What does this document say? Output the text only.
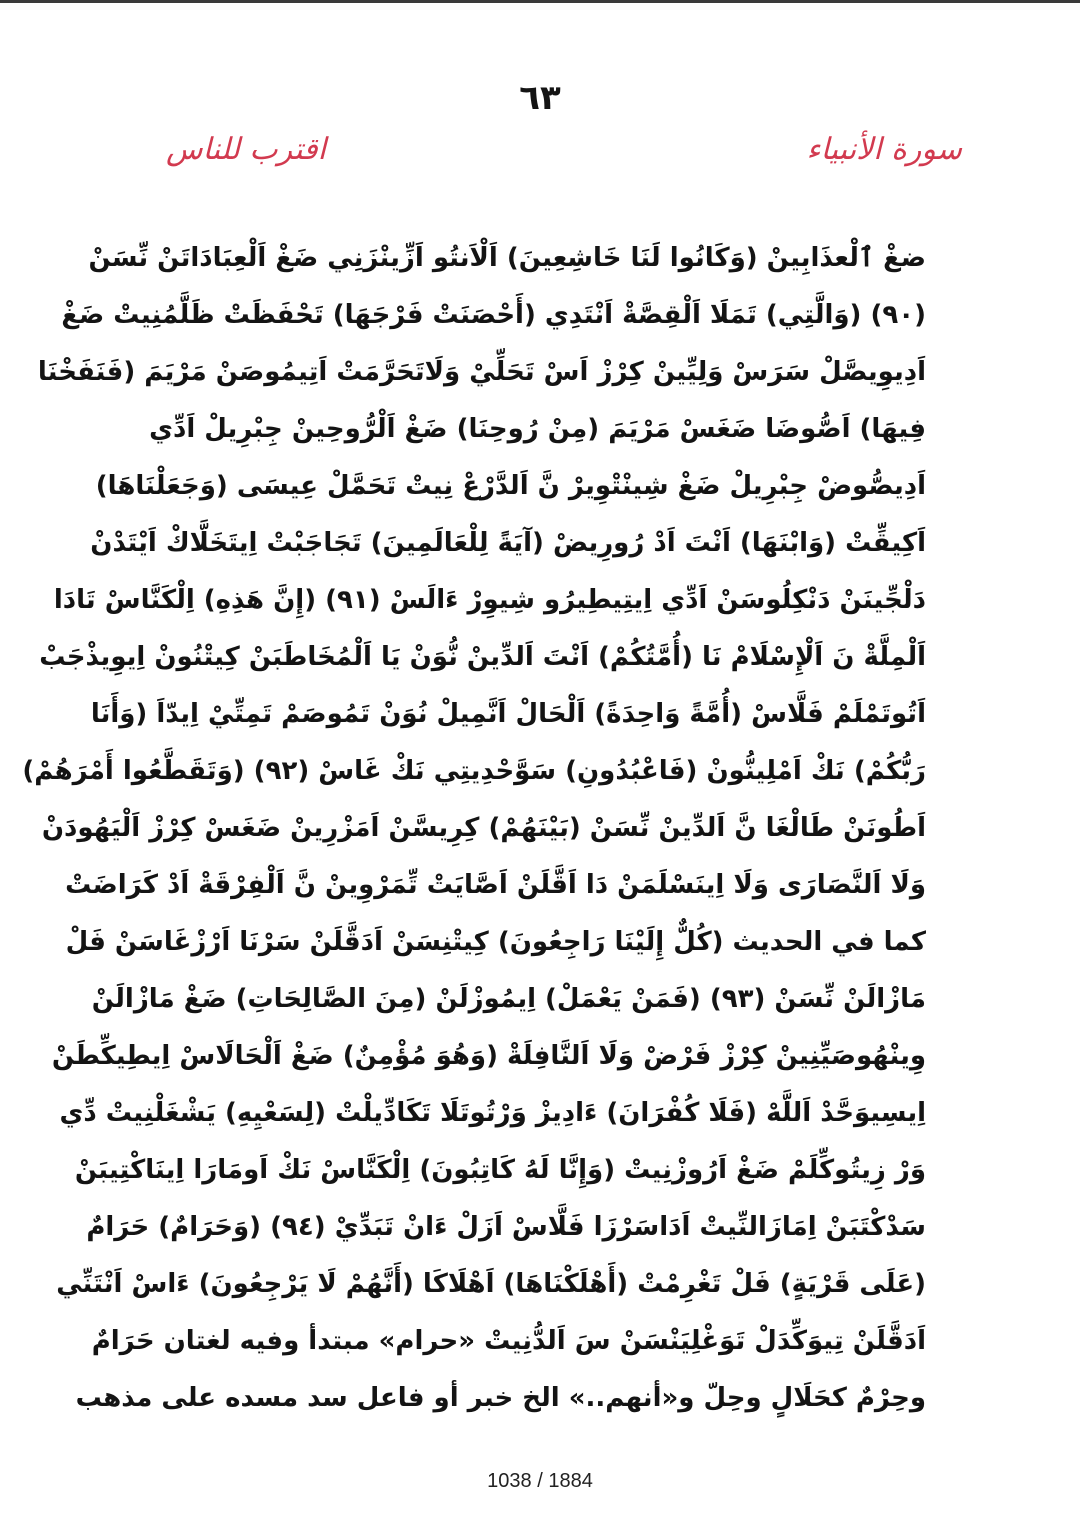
٦٣
سورة الأنبياء
اقترب للناس
ضغْ ٱلْعذَابِينْ (وَكَانُوا لَنَا خَاشِعِينَ) اَلْاَنتُو اَزِّينْزَنِي ضَغْ اَلْعِبَادَاتَنْ نِّسَنْ
(٩٠) (وَالَّتِي) تَمَلَا اَلْقِصَّةْ اَنْتَدِي (أَحْصَنَتْ فَرْجَهَا) تَحْفَظَتْ ظَلَّمُنِيتْ ضَغْ
اَدِيوِيصَّلْ سَرَسْ وَلِيِّينْ كِرْزْ اَسْ تَحَلِّيْ وَلَاتَحَرَّمَتْ اَتِيمُوصَنْ مَرْيَمَ (فَنَفَخْنَا
فِيهَا) اَصُّوضَا ضَغَسْ مَرْيَمَ (مِنْ رُوحِنَا) ضَغْ اَلْرُّوحِينْ جِبْرِيلْ اَدِّي
اَدِيصُّوضْ جِبْرِيلْ ضَغْ شِينْتْوِيرْ نَّ اَلدَّرْعْ نِيتْ تَحَمَّلْ عِيسَى (وَجَعَلْنَاهَا)
اَكِيقِّتْ (وَابْنَهَا) اَنْتَ اَدْ رُورِيضْ (آيَةً لِلْعَالَمِينَ) تَجَاجَبْتْ اِيتَخَلَّاكْ اَيْتَدْنْ
دَلْجِّينَنْ دَنْكِلُوسَنْ اَدِّي اِيتِيطِيرُو شِيوِرْ ءَالَسْ (٩١) (إِنَّ هَذِهِ) اِلْكَنَّاسْ تَادَا
اَلْمِلَّةْ نَ اَلْإِسْلَامْ نَا (أُمَّتُكُمْ) اَنْتَ اَلدِّينْ نُّوَنْ يَا اَلْمُخَاطَبَنْ كِيتْنُونْ اِيوِيذْجَبْ
اَتُوتَمْلَمْ فَلَّاسْ (أُمَّةً وَاحِدَةً) اَلْحَالْ اَنَّمِيلْ نُوَنْ تَمُوصَمْ تَمِتِّيْ اِيدّاَ (وَأَنَا
رَبُّكُمْ) نَكْ اَمْلِينُّونْ (فَاعْبُدُونِ) سَوَّحْدِيتِي نَكْ غَاسْ (٩٢) (وَتَقَطَّعُوا أَمْرَهُمْ)
اَطُونَنْ طَالْغَا نَّ اَلدِّينْ نِّسَنْ (بَيْنَهُمْ) كِرِيسَّنْ اَمَزْرِينْ ضَغَسْ كِرْزْ اَلْيَهُودَنْ
وَلَا اَلنَّصَارَى وَلَا اِينَسْلَمَنْ دَا اَقَّلَنْ اَصَّايَتْ تِّمَرْوِينْ نَّ اَلْفِرْقَةْ اَدْ كَرَاضَتْ
كما في الحديث (كُلٌّ إِلَيْنَا رَاجِعُونَ) كِيتْنِسَنْ اَدَقَّلَنْ سَرْنَا اَرْزْغَاسَنْ فَلْ
مَازْالَنْ نِّسَنْ (٩٣) (فَمَنْ يَعْمَلْ) اِيمُوزْلَنْ (مِنَ الصَّالِحَاتِ) ضَغْ مَازْالَنْ
وِينْهُوصَيِّنِينْ كِرْزْ فَرْضْ وَلَا اَلنَّافِلَةْ (وَهُوَ مُؤْمِنٌ) ضَغْ اَلْحَالَاسْ اِيطِيكِّطَنْ
اِيسِيوَحَّدْ اَللَّهْ (فَلَا كُفْرَانَ) ءَادِيزْ وَرْتُوتَلَا تَكَادِّيلْتْ (لِسَعْيِهِ) يَشْغَلْنِيتْ دِّي
وَرْ زِيتُوكِّلَمْ ضَغْ اَرُوزْنِيتْ (وَإِنَّا لَهُ كَاتِبُونَ) اِلْكَنَّاسْ نَكْ اَومَارَا اِينَاكْتِيبَنْ
سَدْكْتَبَنْ اِمَازَالنِّيتْ اَدَاسَرْزَا فَلَّاسْ اَزَلْ ءَانْ تَبَدِّيْ (٩٤) (وَحَرَامٌ) حَرَامٌ
(عَلَى قَرْيَةٍ) فَلْ تَغْرِمْتْ (أَهْلَكْنَاهَا) اَهْلَاكَا (أَنَّهُمْ لَا يَرْجِعُونَ) ءَاسْ اَنْتَنِّي
اَدَقَّلَنْ تِيوَكِّدَلْ تَوَغْلِيَنْسَنْ سَ اَلدُّنِيتْ «حرام» مبتدأ وفيه لغتان حَرَامٌ
وحِرْمٌ كحَلَالٍ وحِلّ و«أنهم..» الخ خبر أو فاعل سد مسده على مذهب
1038 / 1884
